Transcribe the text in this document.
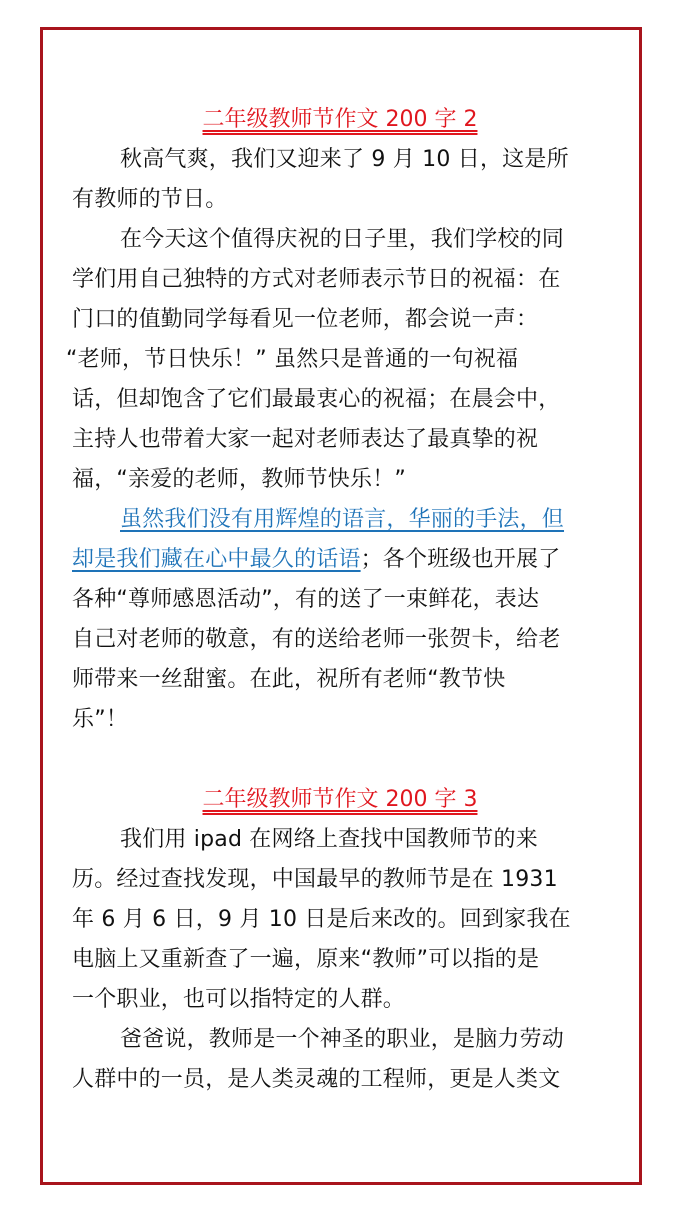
二年级教师节作文 200 字 2
秋高气爽，我们又迎来了 9 月 10 日，这是所
有教师的节日。
在今天这个值得庆祝的日子里，我们学校的同
学们用自己独特的方式对老师表示节日的祝福：在
门口的值勤同学每看见一位老师，都会说一声：
“老师，节日快乐！” 虽然只是普通的一句祝福
话，但却饱含了它们最最衷心的祝福；在晨会中，
主持人也带着大家一起对老师表达了最真挚的祝
福，“亲爱的老师，教师节快乐！”
虽然我们没有用辉煌的语言，华丽的手法，但
却是我们藏在心中最久的话语；各个班级也开展了
各种“尊师感恩活动”，有的送了一束鲜花，表达
自己对老师的敬意，有的送给老师一张贺卡，给老
师带来一丝甜蜜。在此，祝所有老师“教节快
乐”！
二年级教师节作文 200 字 3
我们用 ipad 在网络上查找中国教师节的来
历。经过查找发现，中国最早的教师节是在 1931
年 6 月 6 日，9 月 10 日是后来改的。回到家我在
电脑上又重新查了一遍，原来“教师”可以指的是
一个职业，也可以指特定的人群。
爸爸说，教师是一个神圣的职业，是脑力劳动
人群中的一员，是人类灵魂的工程师，更是人类文
